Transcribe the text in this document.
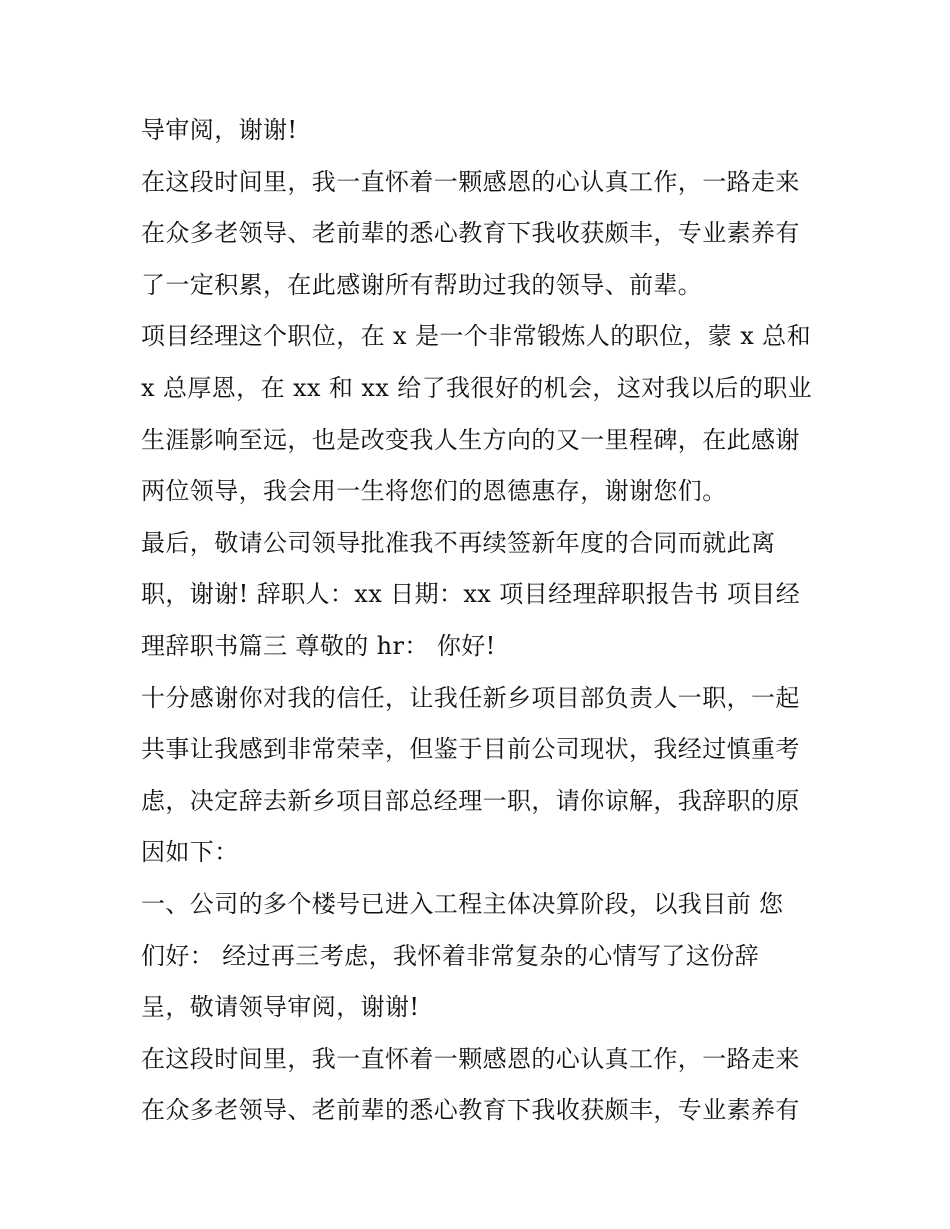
导审阅，谢谢!
在这段时间里，我一直怀着一颗感恩的心认真工作，一路走来
在众多老领导、老前辈的悉心教育下我收获颇丰，专业素养有
了一定积累，在此感谢所有帮助过我的领导、前辈。
项目经理这个职位，在 x 是一个非常锻炼人的职位，蒙 x 总和
x 总厚恩，在 xx 和 xx 给了我很好的机会，这对我以后的职业
生涯影响至远，也是改变我人生方向的又一里程碑，在此感谢
两位领导，我会用一生将您们的恩德惠存，谢谢您们。
最后，敬请公司领导批准我不再续签新年度的合同而就此离
职，谢谢! 辞职人：xx 日期：xx 项目经理辞职报告书 项目经
理辞职书篇三 尊敬的 hr： 你好!
十分感谢你对我的信任，让我任新乡项目部负责人一职，一起
共事让我感到非常荣幸，但鉴于目前公司现状，我经过慎重考
虑，决定辞去新乡项目部总经理一职，请你谅解，我辞职的原
因如下：
一、公司的多个楼号已进入工程主体决算阶段，以我目前 您
们好： 经过再三考虑，我怀着非常复杂的心情写了这份辞
呈，敬请领导审阅，谢谢!
在这段时间里，我一直怀着一颗感恩的心认真工作，一路走来
在众多老领导、老前辈的悉心教育下我收获颇丰，专业素养有
